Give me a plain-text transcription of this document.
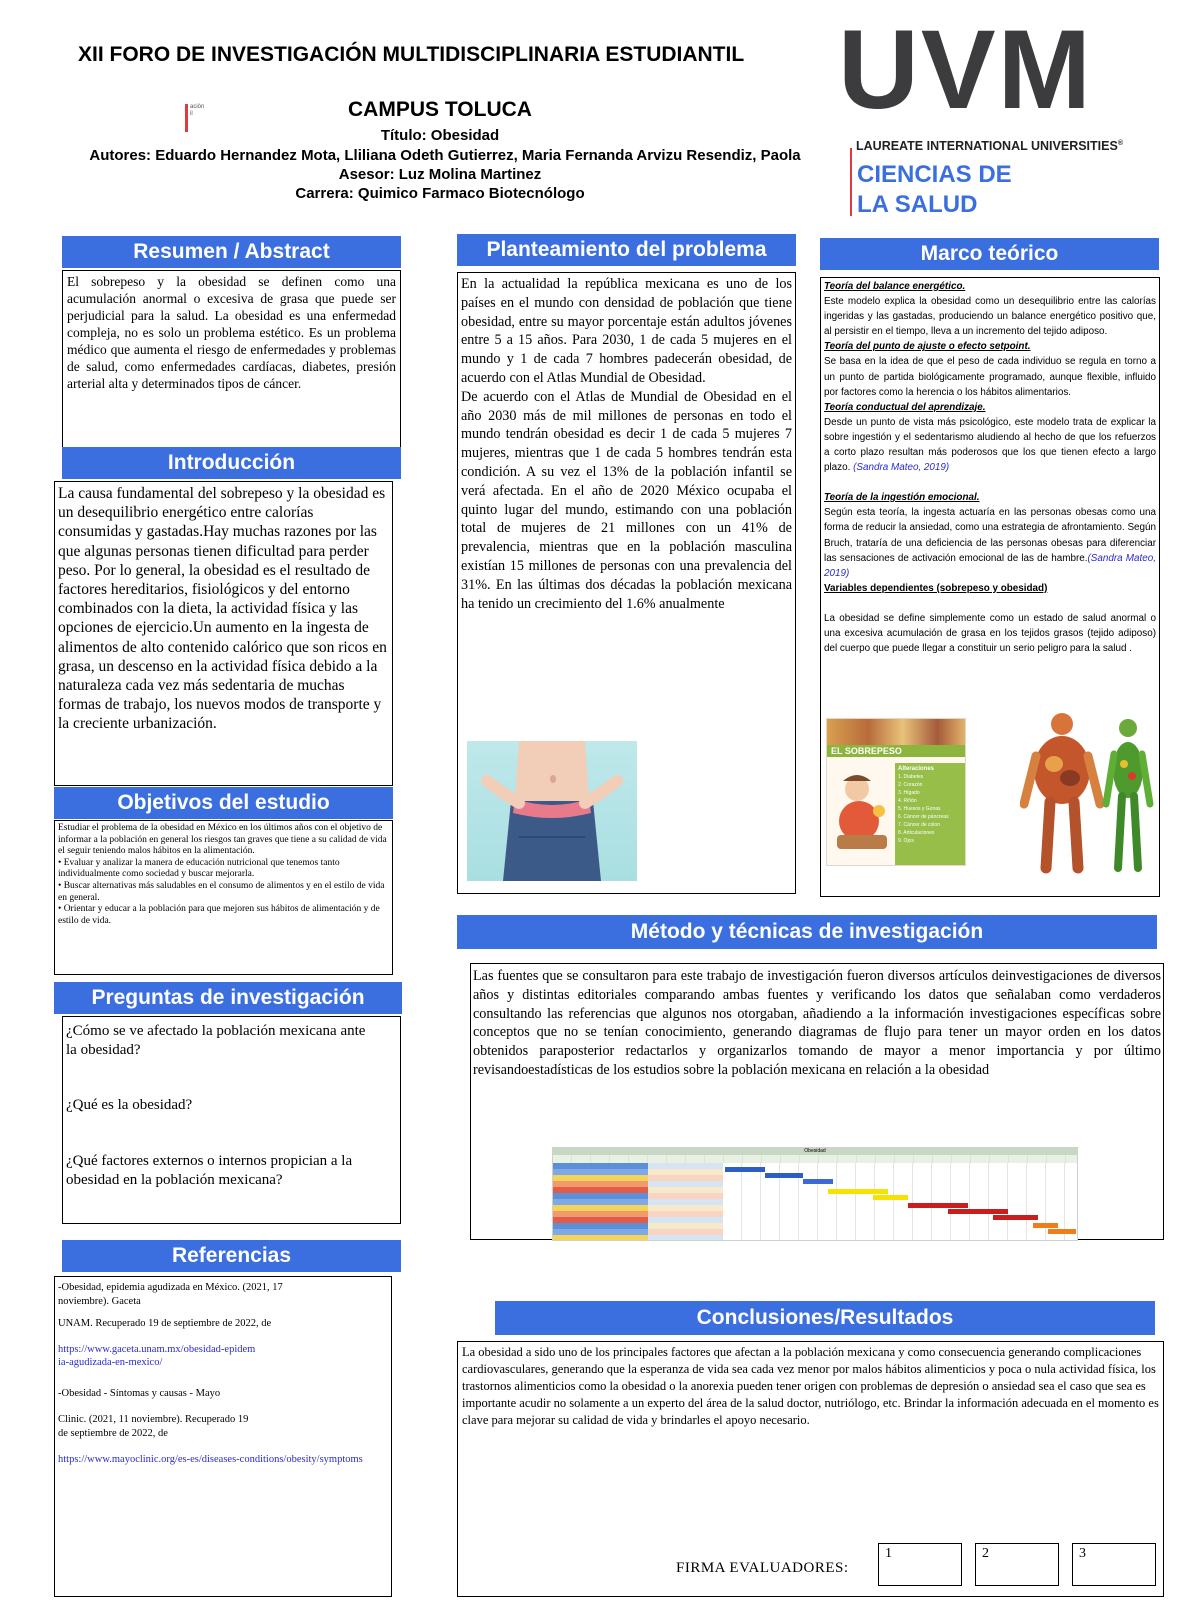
XII FORO DE INVESTIGACIÓN MULTIDISCIPLINARIA ESTUDIANTIL
ación
il	CAMPUS TOLUCA
Título: Obesidad
Autores: Eduardo Hernandez Mota, Lliliana Odeth Gutierrez, Maria Fernanda Arvizu Resendiz, Paola
Asesor: Luz Molina Martinez
Carrera: Quimico Farmaco Biotecnólogo
UVM
LAUREATE INTERNATIONAL UNIVERSITIES®
CIENCIAS DE
LA SALUD
Resumen / Abstract

El sobrepeso y la obesidad se definen como una acumulación anormal o excesiva de grasa que puede ser perjudicial para la salud. La obesidad es una enfermedad compleja, no es solo un problema estético. Es un problema médico que aumenta el riesgo de enfermedades y problemas de salud, como enfermedades cardíacas, diabetes, presión arterial alta y determinados tipos de cáncer.

Introducción

La causa fundamental del sobrepeso y la obesidad es un desequilibrio energético entre calorías consumidas y gastadas.Hay muchas razones por las que algunas personas tienen dificultad para perder peso. Por lo general, la obesidad es el resultado de factores hereditarios, fisiológicos y del entorno combinados con la dieta, la actividad física y las opciones de ejercicio.Un aumento en la ingesta de alimentos de alto contenido calórico que son ricos en grasa, un descenso en la actividad física debido a la naturaleza cada vez más sedentaria de muchas formas de trabajo, los nuevos modos de transporte y la creciente urbanización.

Objetivos del estudio

Estudiar el problema de la obesidad en México en los últimos años con el objetivo de informar a la población en general los riesgos tan graves que tiene a su calidad de vida el seguir teniendo malos hábitos en la alimentación.

• Evaluar y analizar la manera de educación nutricional que tenemos tanto individualmente como sociedad y buscar mejorarla.

• Buscar alternativas más saludables en el consumo de alimentos y en el estilo de vida en general.

• Orientar y educar a la población para que mejoren sus hábitos de alimentación y de estilo de vida.

Preguntas de investigación

¿Cómo se ve afectado la población mexicana ante la obesidad?

¿Qué es la obesidad?

¿Qué factores externos o internos propician a la obesidad en la población mexicana?

Referencias

-Obesidad, epidemia agudizada en México. (2021, 17 noviembre). Gaceta

UNAM. Recuperado 19 de septiembre de 2022, de

https://www.gaceta.unam.mx/obesidad-epidemia-agudizada-en-mexico/

-Obesidad - Síntomas y causas - Mayo

Clinic. (2021, 11 noviembre). Recuperado 19 de septiembre de 2022, de

https://www.mayoclinic.org/es-es/diseases-conditions/obesity/symptoms

Planteamiento del problema

En la actualidad la república mexicana es uno de los países en el mundo con densidad de población que tiene obesidad, entre su mayor porcentaje están adultos jóvenes entre 5 a 15 años. Para 2030, 1 de cada 5 mujeres en el mundo y 1 de cada 7 hombres padecerán obesidad, de acuerdo con el Atlas Mundial de Obesidad.

De acuerdo con el Atlas de Mundial de Obesidad en el año 2030 más de mil millones de personas en todo el mundo tendrán obesidad es decir 1 de cada 5 mujeres 7 mujeres, mientras que 1 de cada 5 hombres tendrán esta condición. A su vez el 13% de la población infantil se verá afectada. En el año de 2020 México ocupaba el quinto lugar del mundo, estimando con una población total de mujeres de 21 millones con un 41% de prevalencia, mientras que en la población masculina existían 15 millones de personas con una prevalencia del 31%. En las últimas dos décadas la población mexicana ha tenido un crecimiento del 1.6% anualmente

Método y técnicas de investigación

Las fuentes que se consultaron para este trabajo de investigación fueron diversos artículos deinvestigaciones de diversos años y distintas editoriales comparando ambas fuentes y verificando los datos que señalaban como verdaderos consultando las referencias que algunos nos otorgaban, añadiendo a la información investigaciones específicas sobre conceptos que no se tenían conocimiento, generando diagramas de flujo para tener un mayor orden en los datos obtenidos paraposterior redactarlos y organizarlos tomando de mayor a menor importancia y por último revisandoestadísticas de los estudios sobre la población mexicana en relación a la obesidad

Obesidad
Conclusiones/Resultados

La obesidad a sido uno de los principales factores que afectan a la población mexicana y como consecuencia generando complicaciones cardiovasculares, generando que la esperanza de vida sea cada vez menor por malos hábitos alimenticios y poca o nula actividad física, los trastornos alimenticios como la obesidad o la anorexia pueden tener origen con problemas de depresión o ansiedad sea el caso que sea es importante acudir no solamente a un experto del área de la salud doctor, nutriólogo, etc. Brindar la información adecuada en el momento es clave para mejorar su calidad de vida y brindarles el apoyo necesario.

FIRMA EVALUADORES:
1	2	3
Marco teórico

Teoría del balance energético.

Este modelo explica la obesidad como un desequilibrio entre las calorías ingeridas y las gastadas, produciendo un balance energético positivo que, al persistir en el tiempo, lleva a un incremento del tejido adiposo.

Teoría del punto de ajuste o efecto setpoint.

Se basa en la idea de que el peso de cada individuo se regula en torno a un punto de partida biológicamente programado, aunque flexible, influido por factores como la herencia o los hábitos alimentarios.

Teoría conductual del aprendizaje.

Desde un punto de vista más psicológico, este modelo trata de explicar la sobre ingestión y el sedentarismo aludiendo al hecho de que los refuerzos a corto plazo resultan más poderosos que los que tienen efecto a largo plazo. (Sandra Mateo, 2019)

Teoría de la ingestión emocional.

Según esta teoría, la ingesta actuaría en las personas obesas como una forma de reducir la ansiedad, como una estrategia de afrontamiento. Según Bruch, trataría de una deficiencia de las personas obesas para diferenciar las sensaciones de activación emocional de las de hambre.(Sandra Mateo, 2019)

Variables dependientes (sobrepeso y obesidad)

La obesidad se define simplemente como un estado de salud anormal o una excesiva acumulación de grasa en los tejidos grasos (tejido adiposo) del cuerpo que puede llegar a constituir un serio peligro para la salud .

EL SOBREPESO
Alteraciones
1. Diabetes
2. Corazón
3. Hígado
4. Riñón
5. Huesos y Gonas
6. Cáncer de páncreas
7. Cáncer de colon
8. Articulaciones
9. Ojos
